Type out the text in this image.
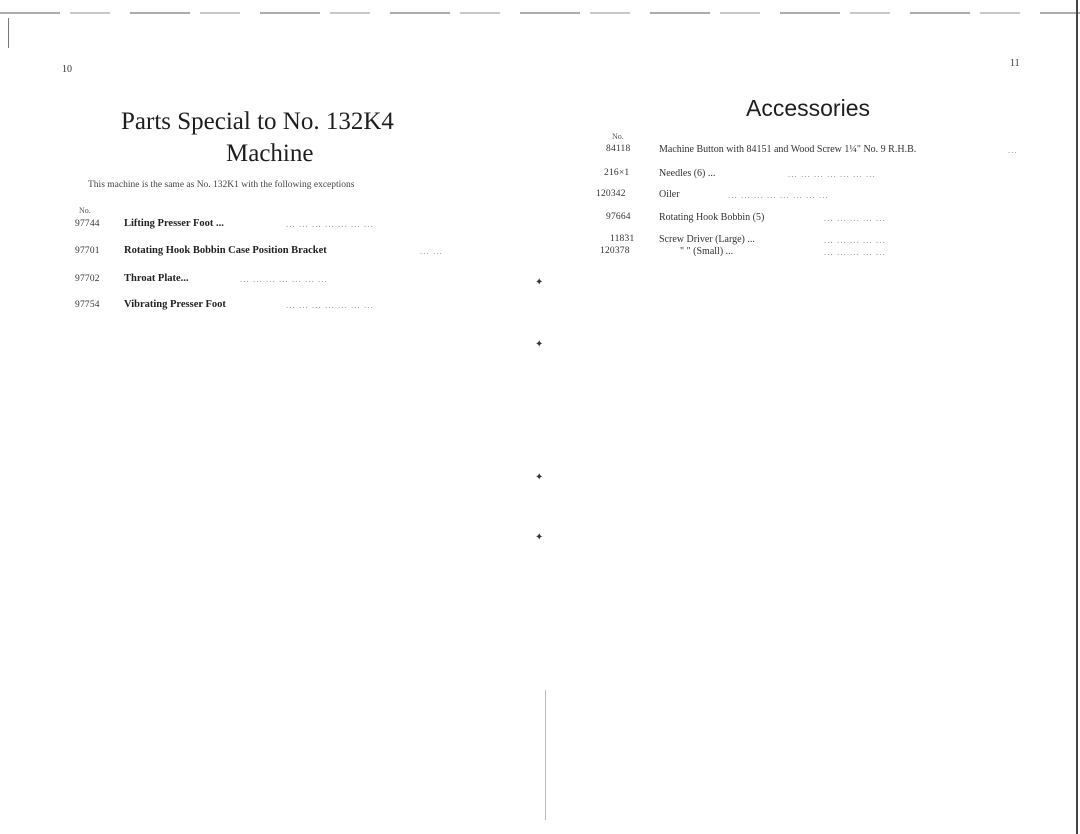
10
Parts Special to No. 132K4
Machine
This machine is the same as No. 132K1 with the following exceptions
No.
97744 Lifting Presser Foot ...	... ... ... ... ... ... ...
97701 Rotating Hook Bobbin Case Position Bracket	... ...
97702 Throat Plate...	... ... ... ... ... ... ...
97754 Vibrating Presser Foot	... ... ... ... ... ... ...
✦
✦
✦
✦
11
Accessories
No.
84118	Machine Button with 84151 and Wood Screw 1¼" No. 9 R.H.B.	...
216×1	Needles (6) ...	... ... ... ... ... ... ...
120342	Oiler	... ... ... ... ... ... ... ...
97664	Rotating Hook Bobbin (5)	... ... ... ... ...
11831 Screw Driver (Large) ...	... ... ... ... ...
120378	" " (Small) ...	... ... ... ... ...
